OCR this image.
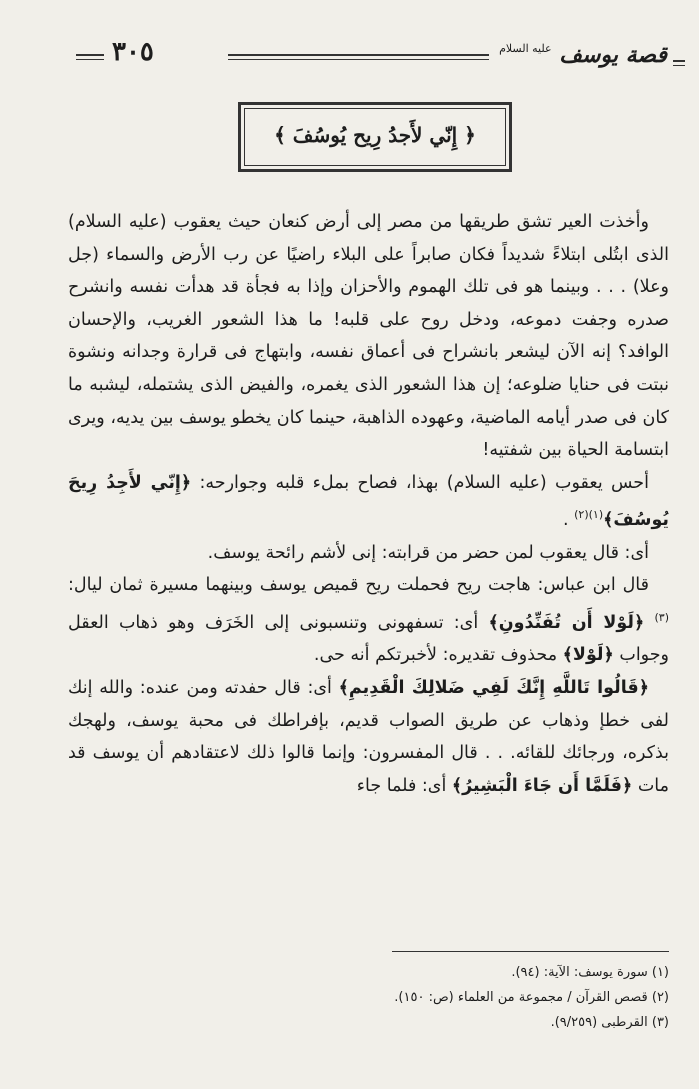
٣٠٥	قصة يوسف $^{عليه السلام}$
﴿ إِنّي لأَجدُ رِيح يُوسُفَ ﴾

وأخذت العير تشق طريقها من مصر إلى أرض كنعان حيث يعقوب (عليه السلام) الذى ابتُلى ابتلاءً شديداً فكان صابراً على البلاء راضيًا عن رب الأرض والسماء (جل وعلا) . . . وبينما هو فى تلك الهموم والأحزان وإذا به فجأة قد هدأت نفسه وانشرح صدره وجفت دموعه، ودخل روح على قلبه! ما هذا الشعور الغريب، والإحسان الوافد؟ إنه الآن ليشعر بانشراح فى أعماق نفسه، وابتهاج فى قرارة وجدانه ونشوة نبتت فى حنايا ضلوعه؛ إن هذا الشعور الذى يغمره، والفيض الذى يشتمله، ليشبه ما كان فى صدر أيامه الماضية، وعهوده الذاهبة، حينما كان يخطو يوسف بين يديه، ويرى ابتسامة الحياة بين شفتيه!

أحس يعقوب (عليه السلام) بهذا، فصاح بملء قلبه وجوارحه: ﴿إِنّي لأَجِدُ رِيحَ يُوسُفَ﴾$^{(١)(٢)}$ .

أى: قال يعقوب لمن حضر من قرابته: إنى لأشم رائحة يوسف.

قال ابن عباس: هاجت ريح فحملت ريح قميص يوسف وبينهما مسيرة ثمان ليال: $^{(٣)}$ ﴿لَوْلا أَن تُفَنِّدُونِ﴾ أى: تسفهونى وتنسبونى إلى الخَرَف وهو ذهاب العقل وجواب ﴿لَوْلا﴾ محذوف تقديره: لأخبرتكم أنه حى.

﴿قَالُوا تَاللَّهِ إِنَّكَ لَفِي ضَلالِكَ الْقَدِيمِ﴾ أى: قال حفدته ومن عنده: والله إنك لفى خطإ وذهاب عن طريق الصواب قديم، بإفراطك فى محبة يوسف، ولهجك بذكره، ورجائك للقائه. . . قال المفسرون: وإنما قالوا ذلك لاعتقادهم أن يوسف قد مات ﴿فَلَمَّا أَن جَاءَ الْبَشِيرُ﴾ أى: فلما جاء

(١) سورة يوسف: الآية: (٩٤).
(٢) قصص القرآن / مجموعة من العلماء (ص: ١٥٠).
(٣) القرطبى (٩/٢٥٩).
